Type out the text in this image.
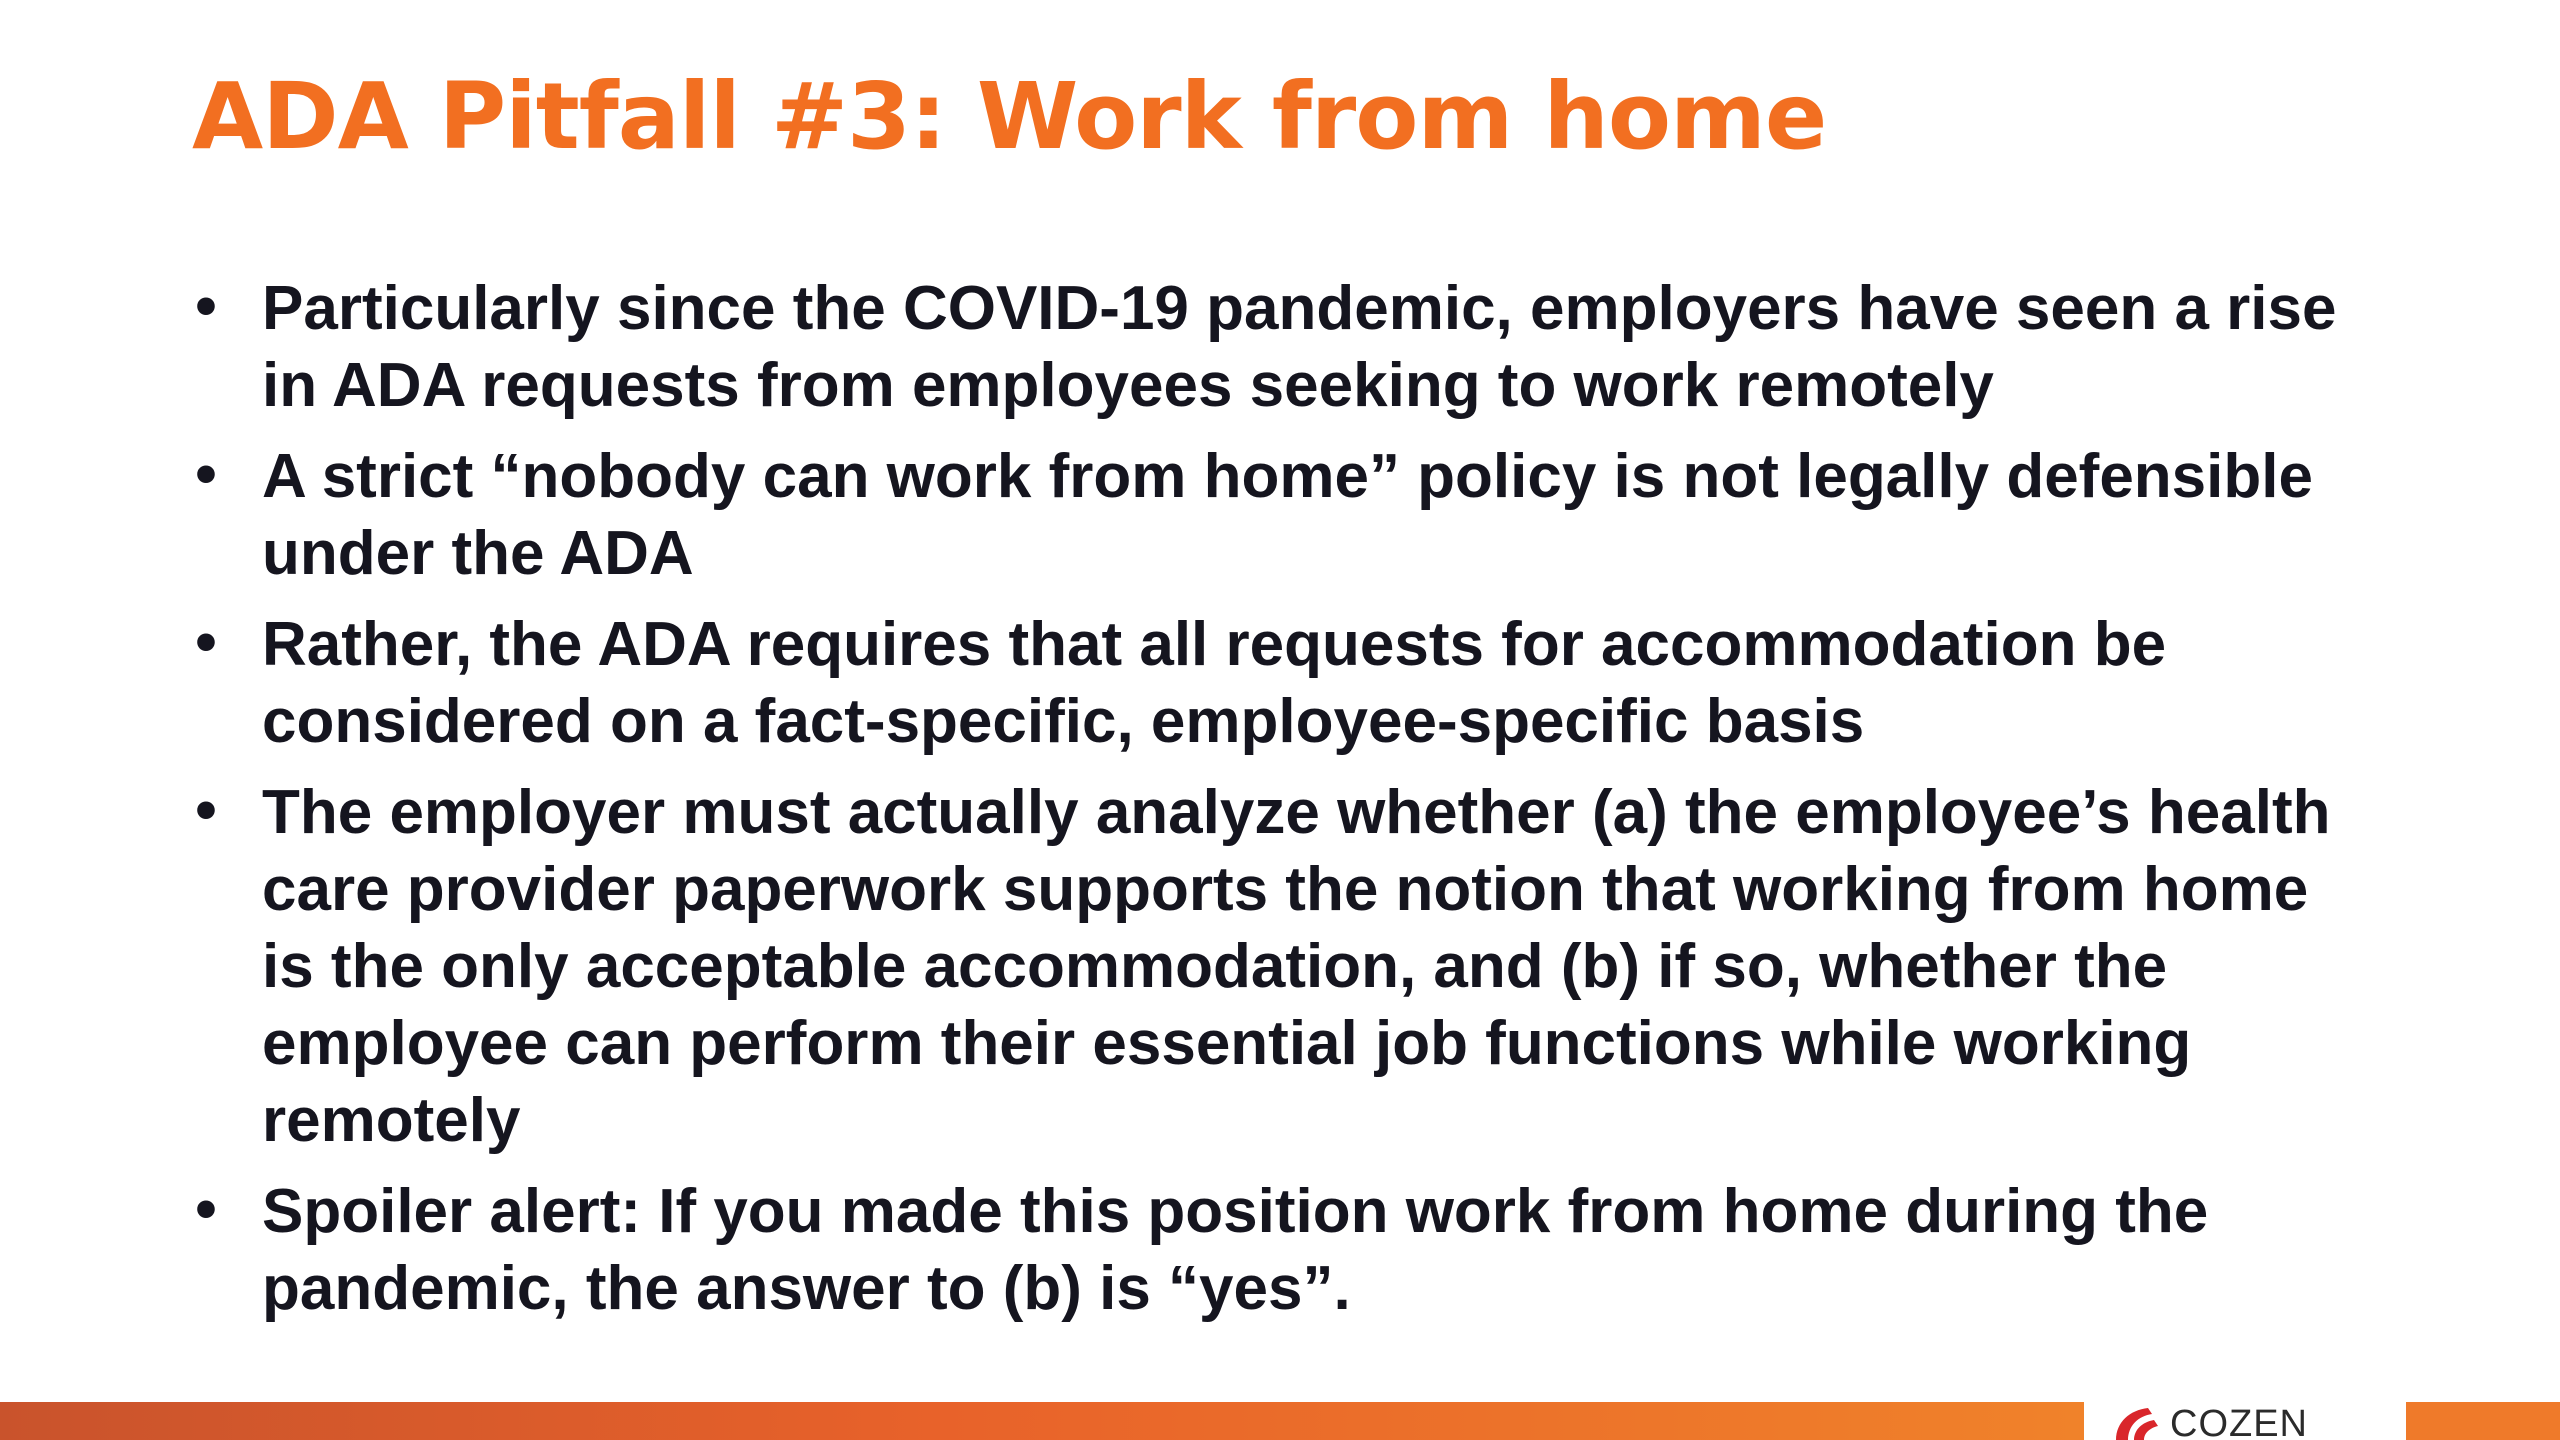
ADA Pitfall #3: Work from home
• Particularly since the COVID-19 pandemic, employers have seen a rise in ADA requests from employees seeking to work remotely
• A strict “nobody can work from home” policy is not legally defensible under the ADA
• Rather, the ADA requires that all requests for accommodation be considered on a fact-specific, employee-specific basis
• The employer must actually analyze whether (a) the employee’s health care provider paperwork supports the notion that working from home is the only acceptable accommodation, and (b) if so, whether the employee can perform their essential job functions while working remotely
• Spoiler alert: If you made this position work from home during the pandemic, the answer to (b) is “yes”.
COZEN
